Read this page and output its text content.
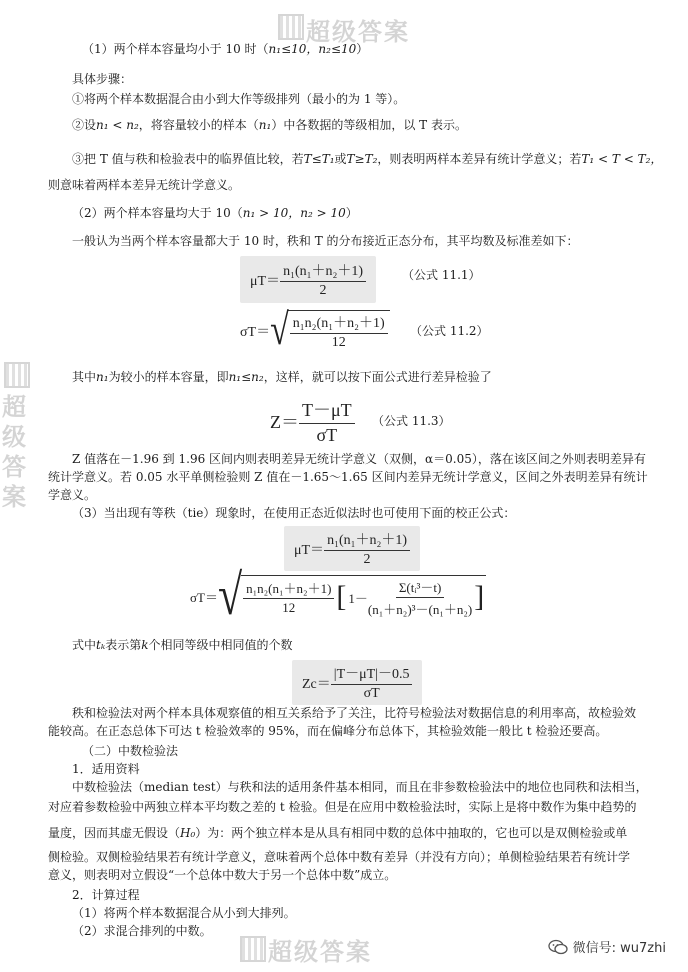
超级答案
超级答案
超级答案
（1）两个样本容量均小于 10 时（n₁≤10，n₂≤10）
具体步骤：
①将两个样本数据混合由小到大作等级排列（最小的为 1 等）。
②设n₁ < n₂，将容量较小的样本（n₁）中各数据的等级相加，以 T 表示。
③把 T 值与秩和检验表中的临界值比较，若T≤T₁或T≥T₂，则表明两样本差异有统计学意义；若T₁ < T < T₂，
则意味着两样本差异无统计学意义。
（2）两个样本容量均大于 10（n₁ > 10，n₂ > 10）
一般认为当两个样本容量都大于 10 时，秩和 T 的分布接近正态分布，其平均数及标准差如下：
$\mu T= \frac{\text{n₁(n₁＋n₂＋1)}}{2}$	（公式 11.1）
σT＝ √ $\frac{\text{n₁n₂(n₁＋n₂＋1)}}{12}$ （公式 11.2）
其中n₁为较小的样本容量，即n₁≤n₂，这样，就可以按下面公式进行差异检验了
$Z= \frac{T-\mu T}{\sigma T}$ （公式 11.3）
Z 值落在－1.96 到 1.96 区间内则表明差异无统计学意义（双侧，α＝0.05），落在该区间之外则表明差异有
统计学意义。若 0.05 水平单侧检验则 Z 值在－1.65～1.65 区间内差异无统计学意义，区间之外表明差异有统计
学意义。
（3）当出现有等秩（tie）现象时，在使用正态近似法时也可使用下面的校正公式：
$\mu T= \frac{\text{n₁(n₁＋n₂＋1)}}{2}$
σT＝ √ $\frac{\text{n₁n₂(n₁＋n₂＋1)}}{12}$ [ $1- \frac{\text{Σ(tᵢ³－t)}}{\text{(n₁＋n₂)³－(n₁＋n₂)}}$ ]
式中tₖ表示第k个相同等级中相同值的个数
$Zc= \frac{|T-\mu T|-0.5}{\sigma T}$
秩和检验法对两个样本具体观察值的相互关系给予了关注，比符号检验法对数据信息的利用率高，故检验效
能较高。在正态总体下可达 t 检验效率的 95%，而在偏峰分布总体下，其检验效能一般比 t 检验还要高。
（二）中数检验法
1．适用资料
中数检验法（median test）与秩和法的适用条件基本相同，而且在非参数检验法中的地位也同秩和法相当，
对应着参数检验中两独立样本平均数之差的 t 检验。但是在应用中数检验法时，实际上是将中数作为集中趋势的
量度，因而其虚无假设（H₀）为：两个独立样本是从具有相同中数的总体中抽取的，它也可以是双侧检验或单
侧检验。双侧检验结果若有统计学意义，意味着两个总体中数有差异（并没有方向）；单侧检验结果若有统计学
意义，则表明对立假设“一个总体中数大于另一个总体中数”成立。
2．计算过程
（1）将两个样本数据混合从小到大排列。
（2）求混合排列的中数。
微信号: wu7zhi
